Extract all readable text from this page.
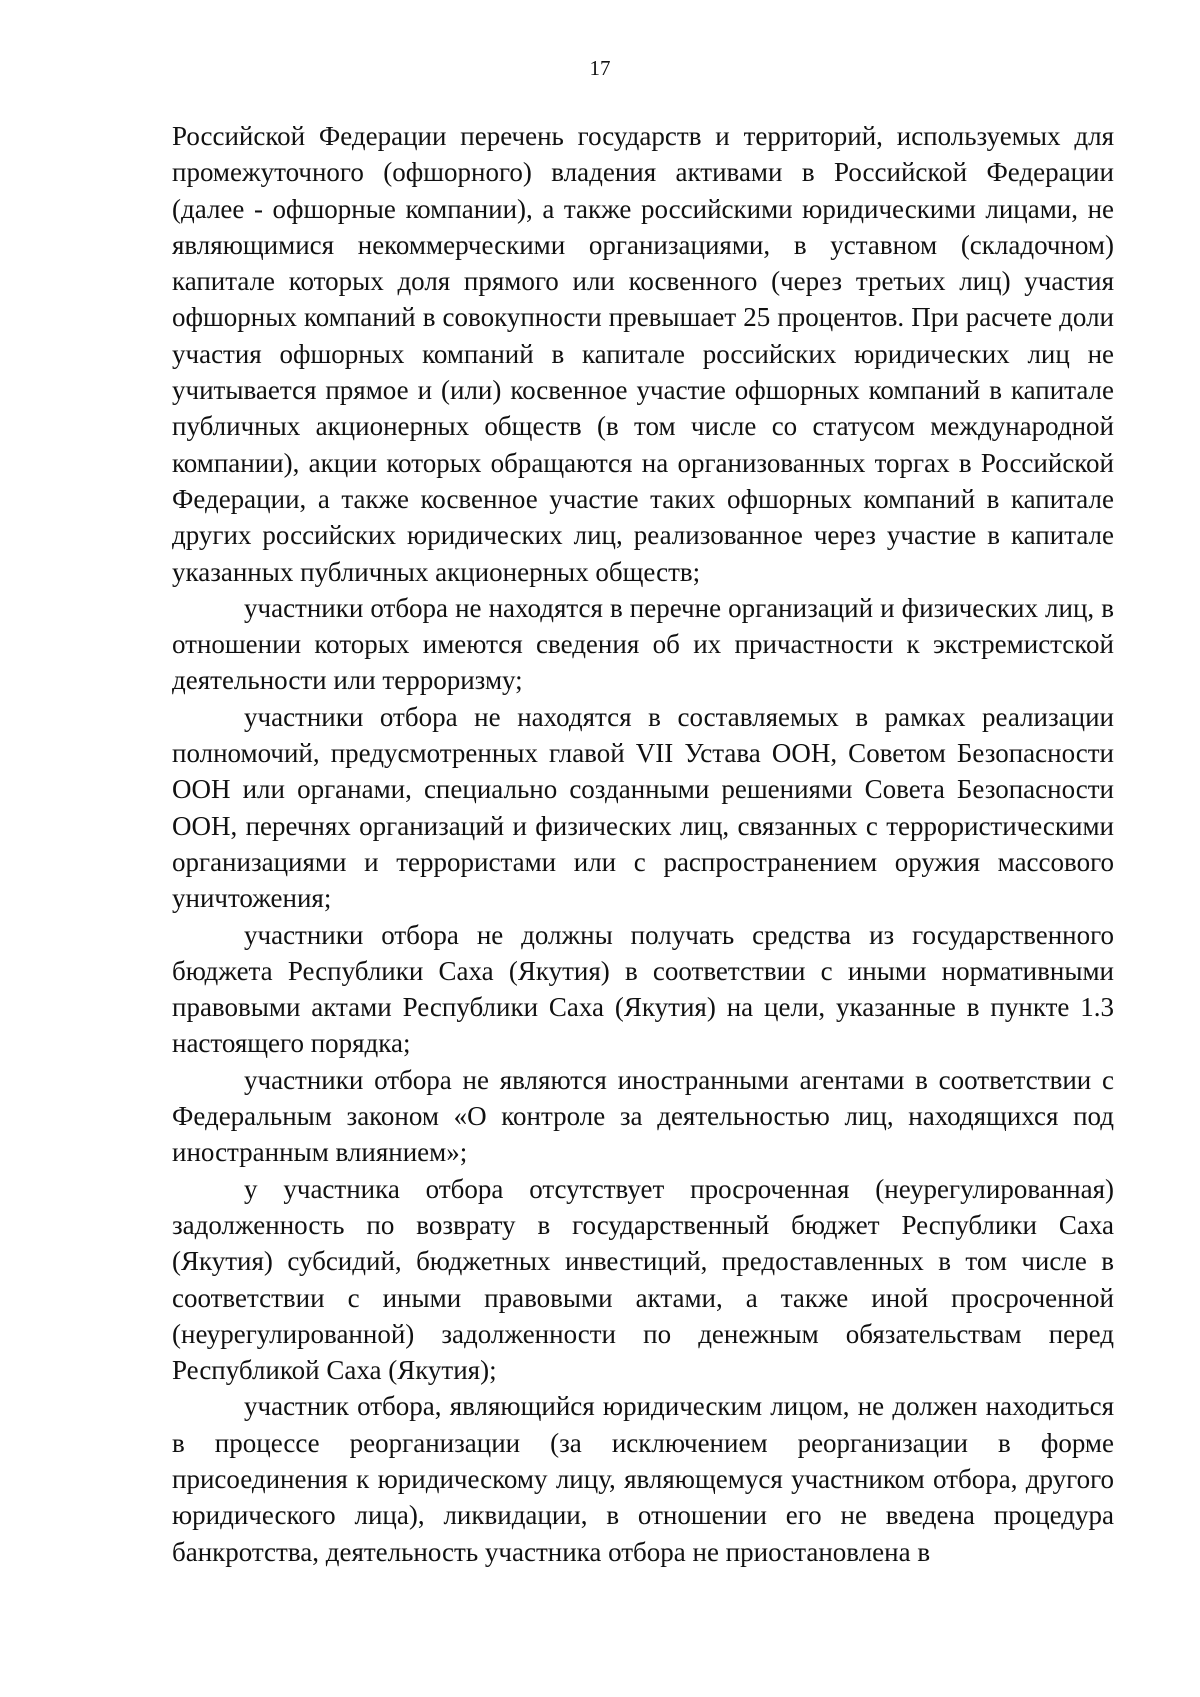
17

Российской Федерации перечень государств и территорий, используемых для промежуточного (офшорного) владения активами в Российской Федерации (далее - офшорные компании), а также российскими юридическими лицами, не являющимися некоммерческими организациями, в уставном (складочном) капитале которых доля прямого или косвенного (через третьих лиц) участия офшорных компаний в совокупности превышает 25 процентов. При расчете доли участия офшорных компаний в капитале российских юридических лиц не учитывается прямое и (или) косвенное участие офшорных компаний в капитале публичных акционерных обществ (в том числе со статусом международной компании), акции которых обращаются на организованных торгах в Российской Федерации, а также косвенное участие таких офшорных компаний в капитале других российских юридических лиц, реализованное через участие в капитале указанных публичных акционерных обществ;

участники отбора не находятся в перечне организаций и физических лиц, в отношении которых имеются сведения об их причастности к экстремистской деятельности или терроризму;

участники отбора не находятся в составляемых в рамках реализации полномочий, предусмотренных главой VII Устава ООН, Советом Безопасности ООН или органами, специально созданными решениями Совета Безопасности ООН, перечнях организаций и физических лиц, связанных с террористическими организациями и террористами или с распространением оружия массового уничтожения;

участники отбора не должны получать средства из государственного бюджета Республики Саха (Якутия) в соответствии с иными нормативными правовыми актами Республики Саха (Якутия) на цели, указанные в пункте 1.3 настоящего порядка;

участники отбора не являются иностранными агентами в соответствии с Федеральным законом «О контроле за деятельностью лиц, находящихся под иностранным влиянием»;

у участника отбора отсутствует просроченная (неурегулированная) задолженность по возврату в государственный бюджет Республики Саха (Якутия) субсидий, бюджетных инвестиций, предоставленных в том числе в соответствии с иными правовыми актами, а также иной просроченной (неурегулированной) задолженности по денежным обязательствам перед Республикой Саха (Якутия);

участник отбора, являющийся юридическим лицом, не должен находиться в процессе реорганизации (за исключением реорганизации в форме присоединения к юридическому лицу, являющемуся участником отбора, другого юридического лица), ликвидации, в отношении его не введена процедура банкротства, деятельность участника отбора не приостановлена в
